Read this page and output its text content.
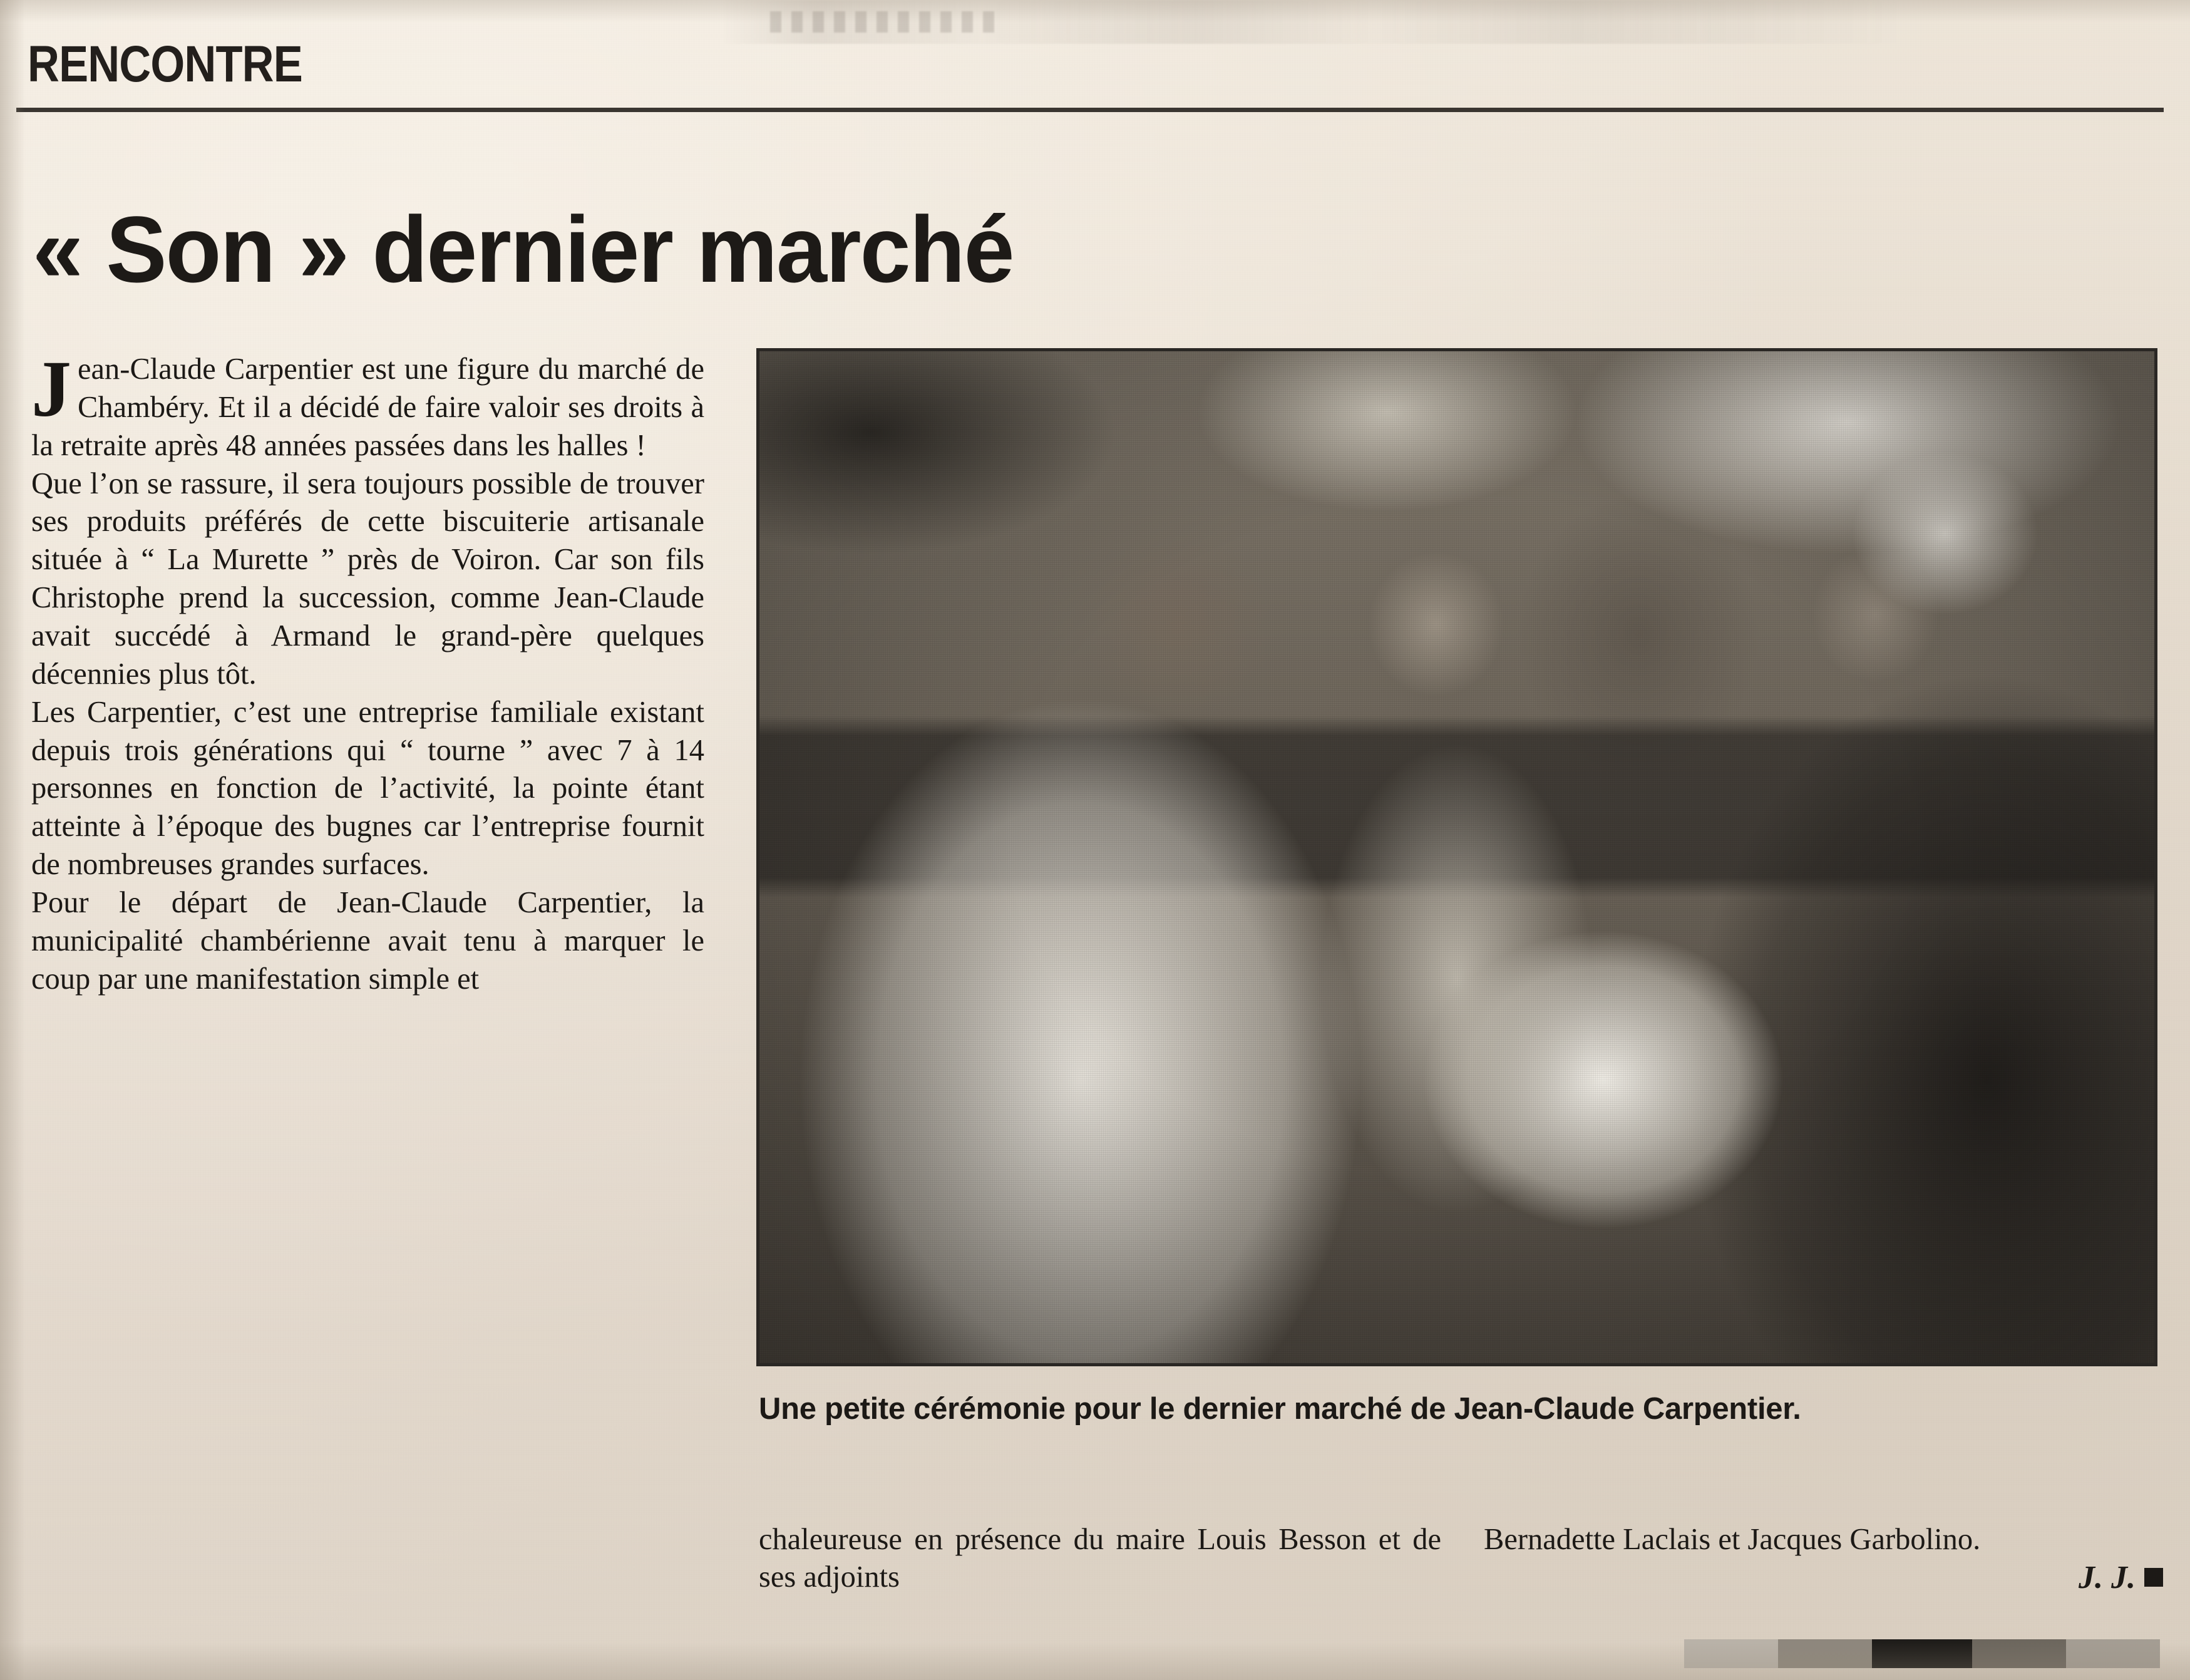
RENCONTRE
« Son » dernier marché

Jean-Claude Carpentier est une figure du marché de Chambéry. Et il a décidé de faire valoir ses droits à la retraite après 48 années passées dans les halles !

Que l’on se rassure, il sera toujours possible de trouver ses produits préférés de cette biscuiterie artisanale située à “ La Murette ” près de Voiron. Car son fils Christophe prend la succession, comme Jean-Claude avait succédé à Armand le grand-père quelques décennies plus tôt.

Les Carpentier, c’est une entreprise familiale existant depuis trois générations qui “ tourne ” avec 7 à 14 personnes en fonction de l’activité, la pointe étant atteinte à l’époque des bugnes car l’entreprise fournit de nombreuses grandes surfaces.

Pour le départ de Jean-Claude Carpentier, la municipalité chambérienne avait tenu à marquer le coup par une manifestation simple et

Une petite cérémonie pour le dernier marché de Jean-Claude Carpentier.

chaleureuse en présence du maire Louis Besson et de ses adjoints

Bernadette Laclais et Jacques Garbolino.

J. J.
